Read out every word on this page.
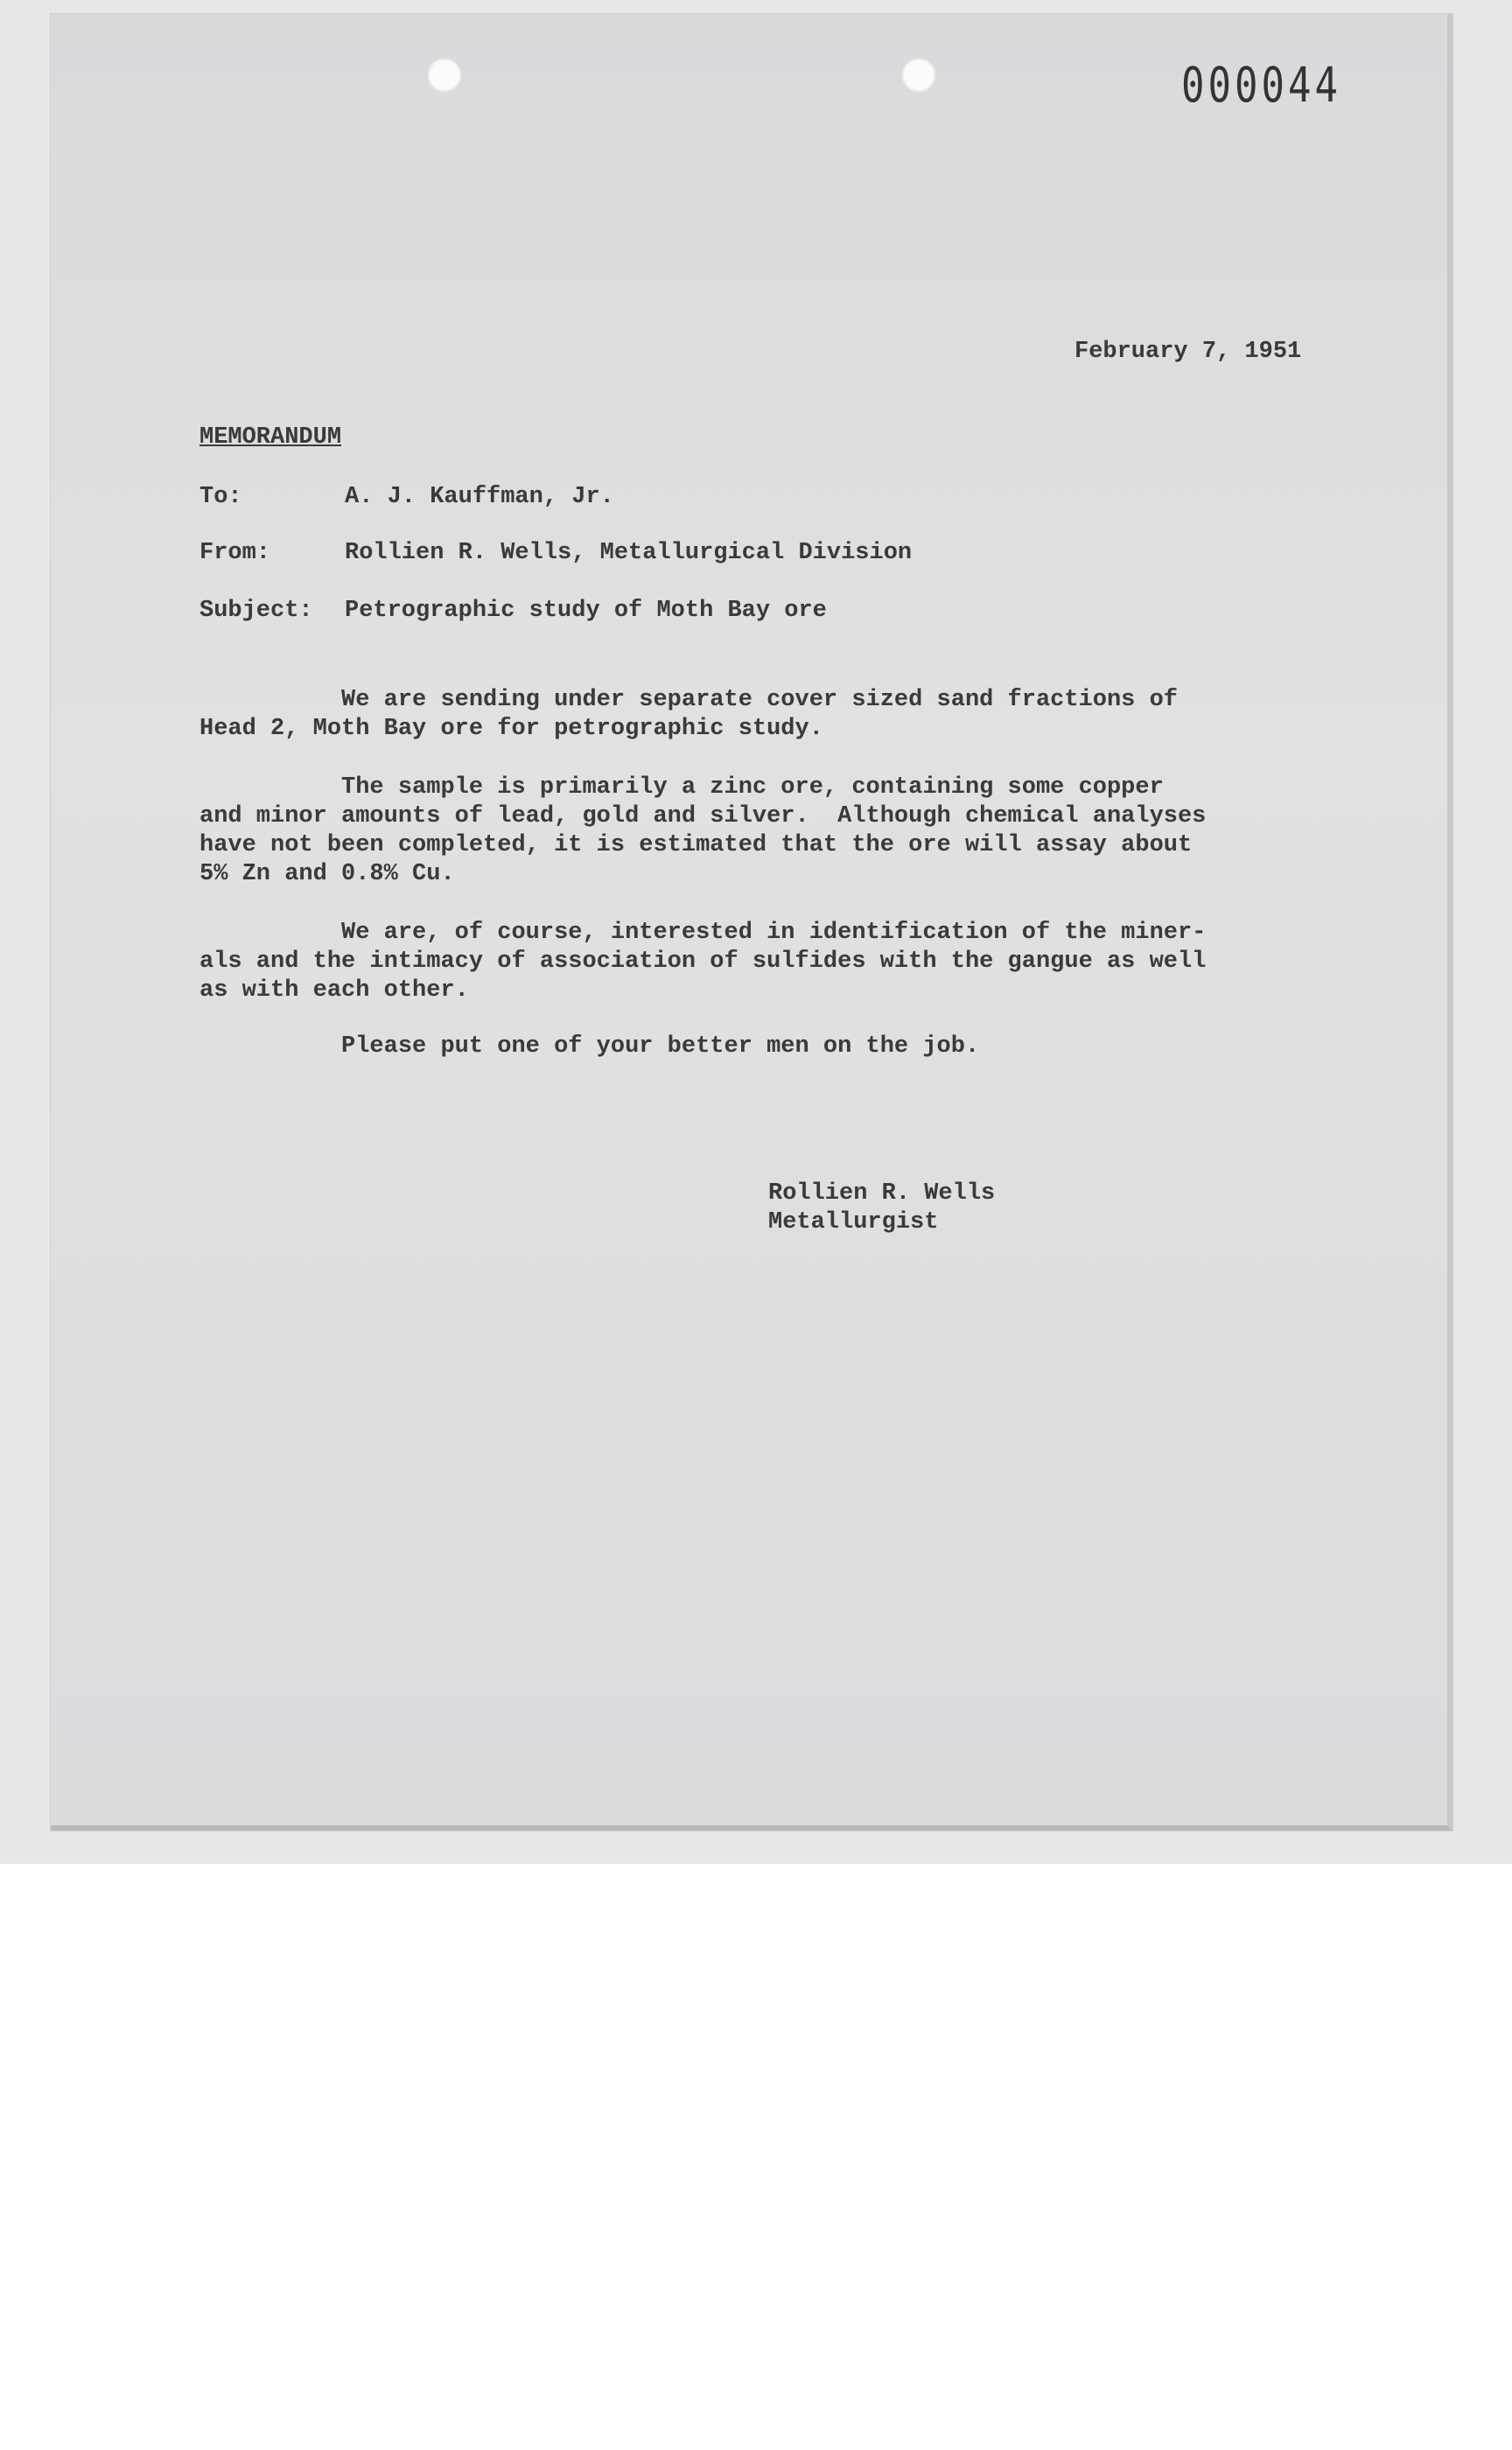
000044
February 7, 1951
MEMORANDUM
To:	A. J. Kauffman, Jr.
From:	Rollien R. Wells, Metallurgical Division
Subject: Petrographic study of Moth Bay ore
We are sending under separate cover sized sand fractions of
Head 2, Moth Bay ore for petrographic study.
The sample is primarily a zinc ore, containing some copper
and minor amounts of lead, gold and silver.  Although chemical analyses
have not been completed, it is estimated that the ore will assay about
5% Zn and 0.8% Cu.
We are, of course, interested in identification of the miner-
als and the intimacy of association of sulfides with the gangue as well
as with each other.
Please put one of your better men on the job.
Rollien R. Wells
Metallurgist
